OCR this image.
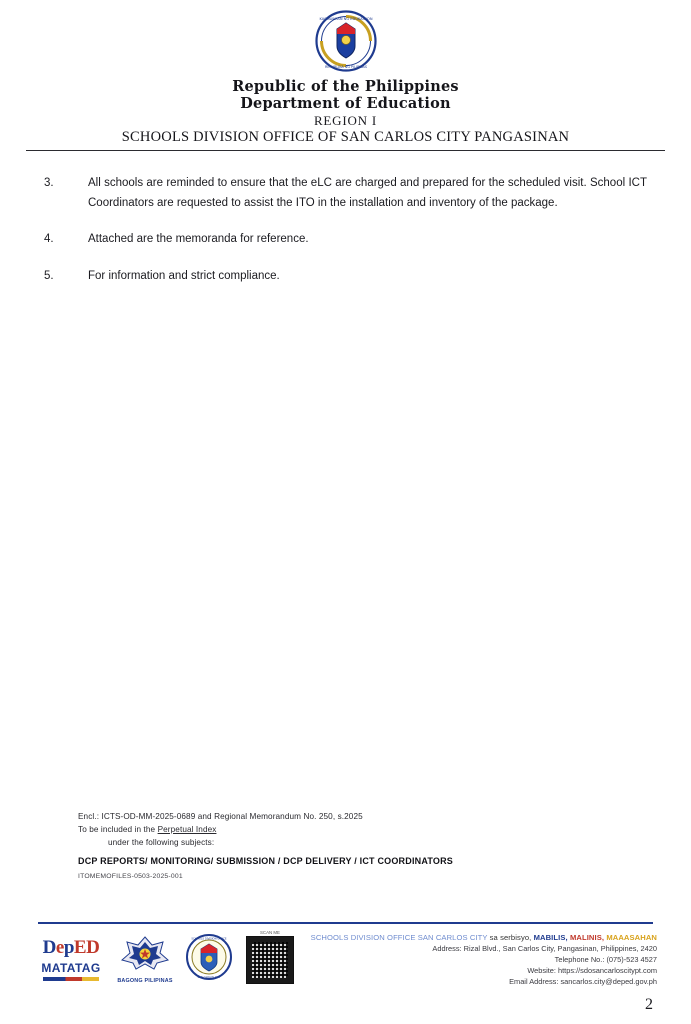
KAGAWARAN NG EDUKASYON
REPUBLIKA NG PILIPINAS
Republic of the Philippines
Department of Education
REGION I
SCHOOLS DIVISION OFFICE OF SAN CARLOS CITY PANGASINAN
3.	All schools are reminded to ensure that the eLC are charged and prepared for the scheduled visit. School ICT Coordinators are requested to assist the ITO in the installation and inventory of the package.
4.	Attached are the memoranda for reference.
5.	For information and strict compliance.
Encl.: ICTS-OD-MM-2025-0689 and Regional Memorandum No. 250, s.2025
To be included in the Perpetual Index
under the following subjects:
DCP REPORTS/ MONITORING/ SUBMISSION / DCP DELIVERY / ICT COORDINATORS
ITOMEMOFILES-0503-2025-001
DepED
MATATAG
BAGONG PILIPINAS
SCHOOLS DIVISION OFFICE
SAN CARLOS CITY
SCAN ME
SCHOOLS DIVISION OFFICE SAN CARLOS CITY sa serbisyo, MABILIS, MALINIS, MAAASAHAN
Address: Rizal Blvd., San Carlos City, Pangasinan, Philippines, 2420
Telephone No.: (075)-523 4527
Website: https://sdosancarloscitypt.com
Email Address: sancarlos.city@deped.gov.ph
2
